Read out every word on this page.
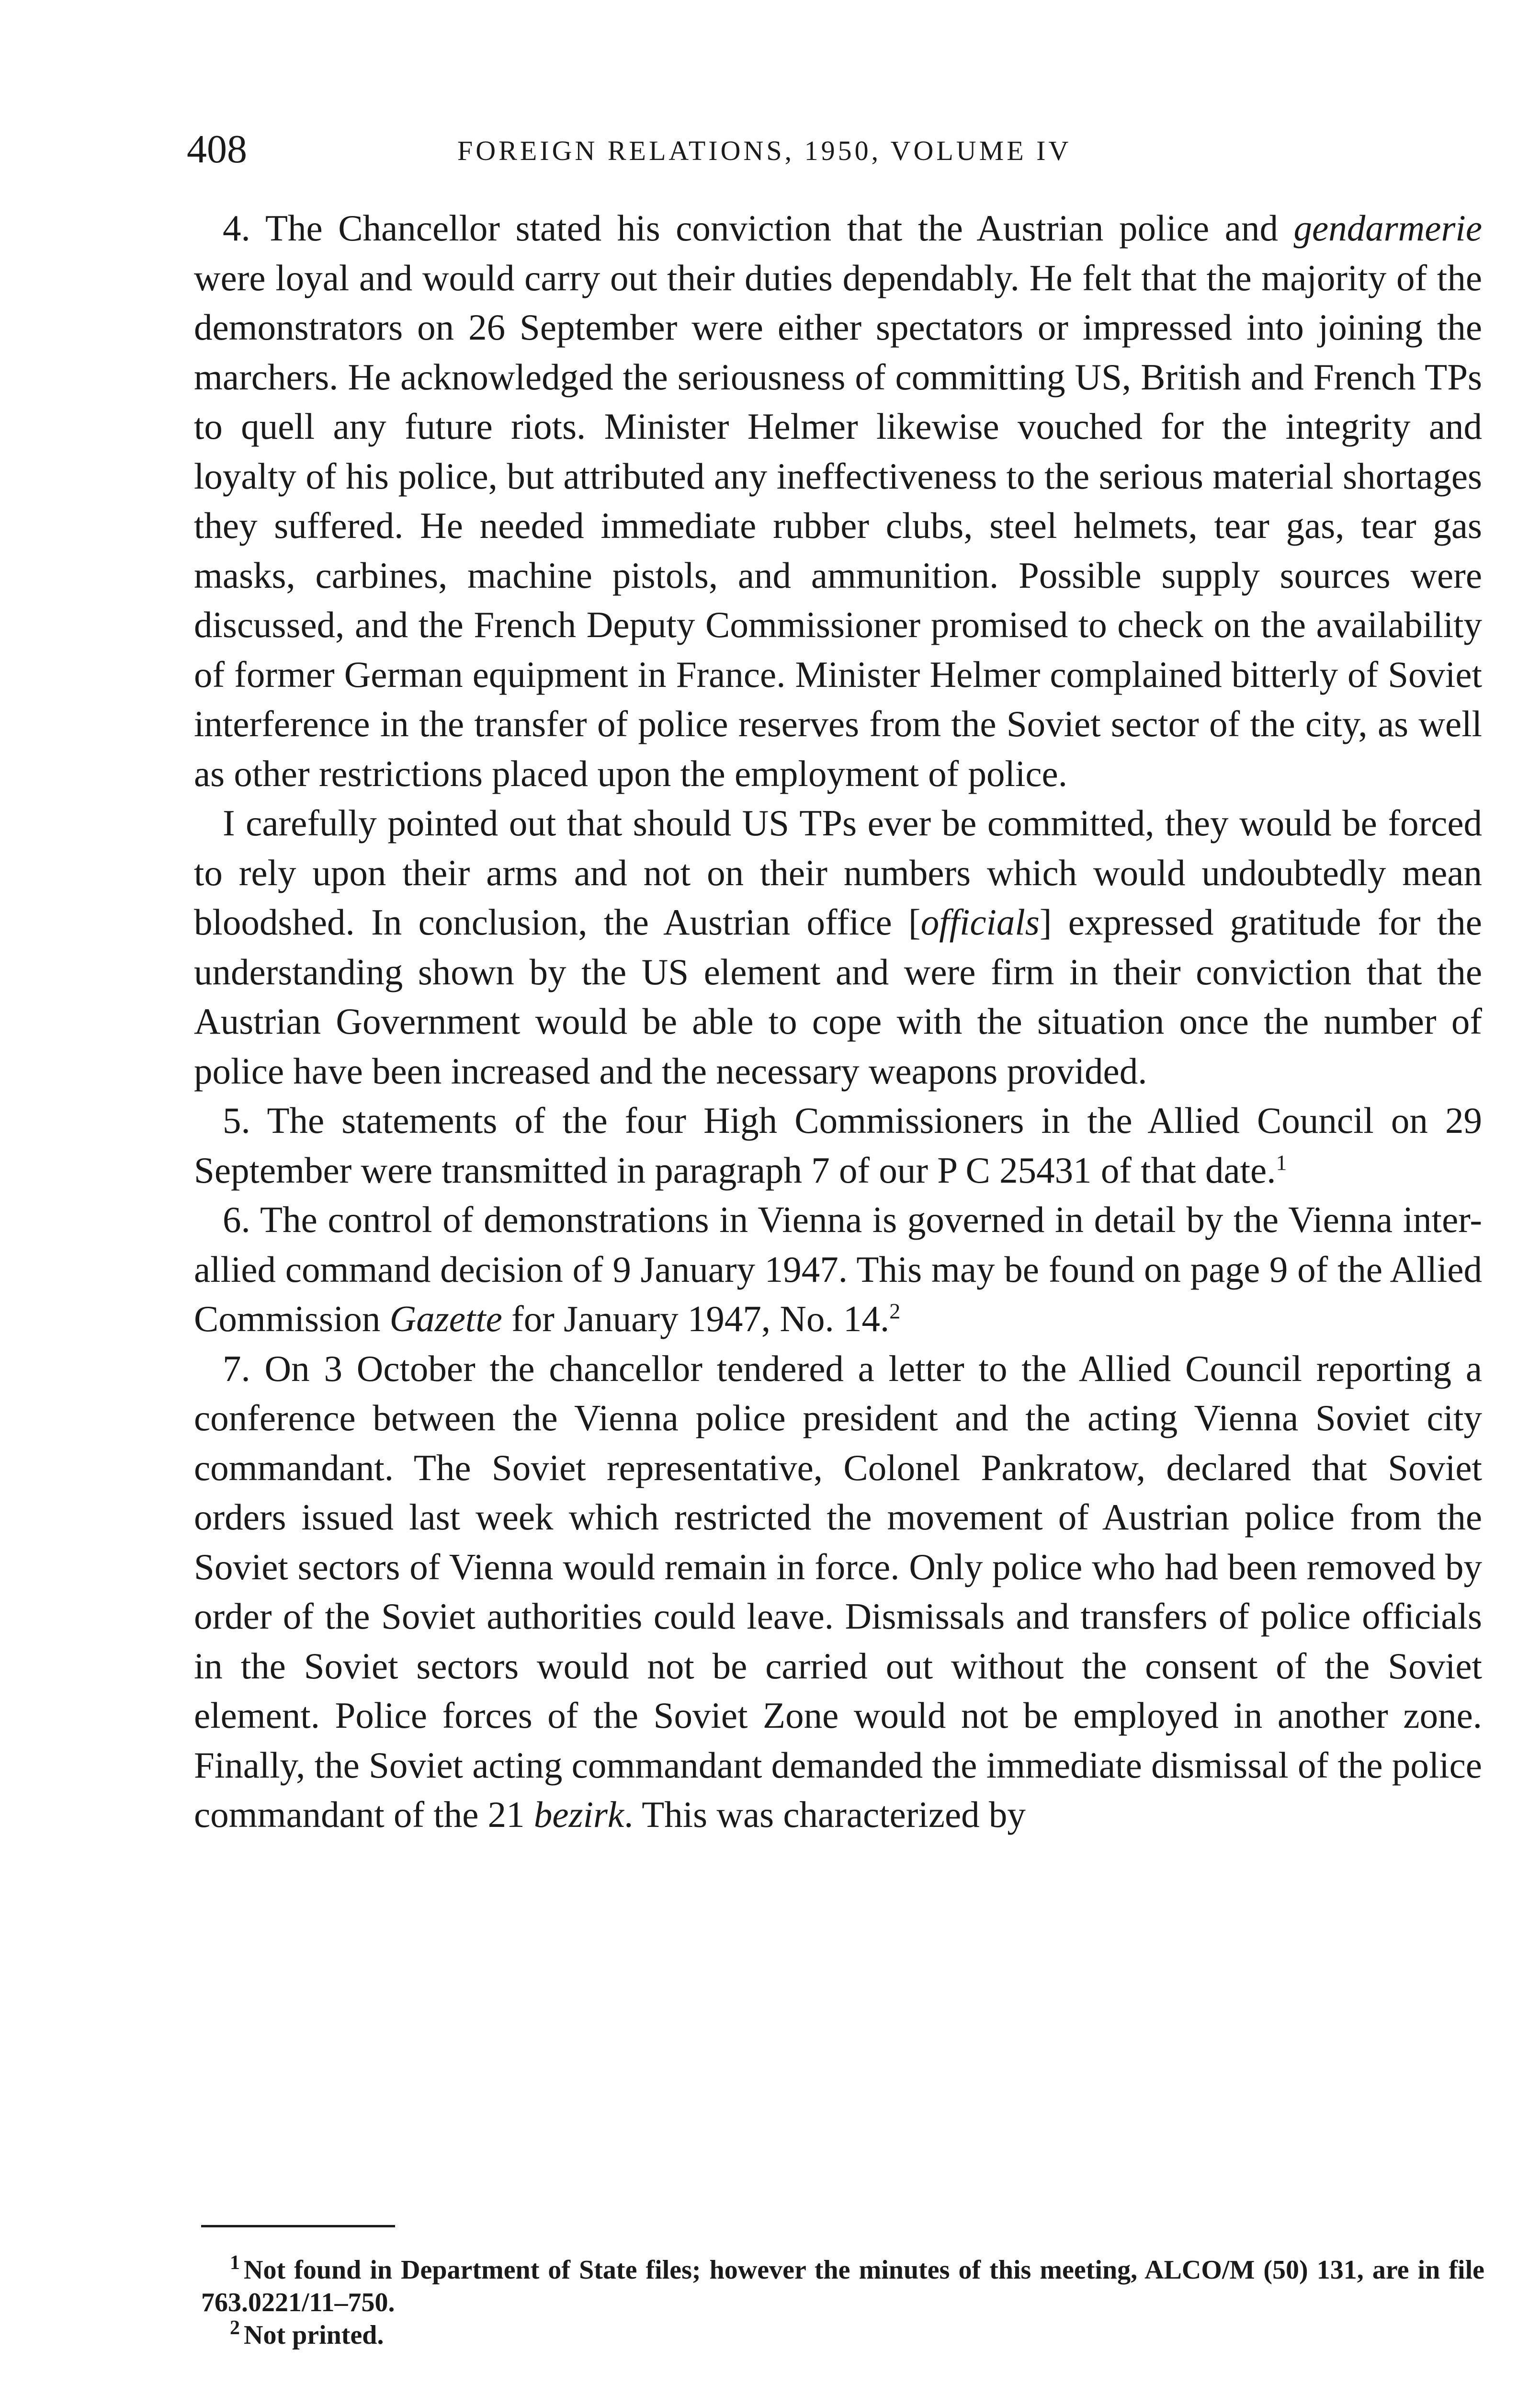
408	FOREIGN RELATIONS, 1950, VOLUME IV

4. The Chancellor stated his conviction that the Austrian police and gendarmerie were loyal and would carry out their duties dependably. He felt that the majority of the demonstrators on 26 September were either spectators or impressed into joining the marchers. He acknowledged the seriousness of committing US, British and French TPs to quell any future riots. Minister Helmer likewise vouched for the integrity and loyalty of his police, but attributed any ineffectiveness to the serious material shortages they suffered. He needed immediate rubber clubs, steel helmets, tear gas, tear gas masks, carbines, machine pistols, and ammunition. Possible supply sources were discussed, and the French Deputy Commissioner promised to check on the availability of former German equipment in France. Minister Helmer complained bitterly of Soviet interference in the transfer of police reserves from the Soviet sector of the city, as well as other restrictions placed upon the employment of police.

I carefully pointed out that should US TPs ever be committed, they would be forced to rely upon their arms and not on their numbers which would undoubtedly mean bloodshed. In conclusion, the Austrian office [officials] expressed gratitude for the understanding shown by the US element and were firm in their conviction that the Austrian Government would be able to cope with the situation once the number of police have been increased and the necessary weapons provided.

5. The statements of the four High Commissioners in the Allied Council on 29 September were transmitted in paragraph 7 of our P C 25431 of that date.$^1$

6. The control of demonstrations in Vienna is governed in detail by the Vienna inter-allied command decision of 9 January 1947. This may be found on page 9 of the Allied Commission Gazette for January 1947, No. 14.$^2$

7. On 3 October the chancellor tendered a letter to the Allied Council reporting a conference between the Vienna police president and the acting Vienna Soviet city commandant. The Soviet representative, Colonel Pankratow, declared that Soviet orders issued last week which restricted the movement of Austrian police from the Soviet sectors of Vienna would remain in force. Only police who had been removed by order of the Soviet authorities could leave. Dismissals and transfers of police officials in the Soviet sectors would not be carried out without the consent of the Soviet element. Police forces of the Soviet Zone would not be employed in another zone. Finally, the Soviet acting commandant demanded the immediate dismissal of the police commandant of the 21 bezirk. This was characterized by

$^1$ Not found in Department of State files; however the minutes of this meeting, ALCO/M (50) 131, are in file 763.0221/11–750.

$^2$ Not printed.
